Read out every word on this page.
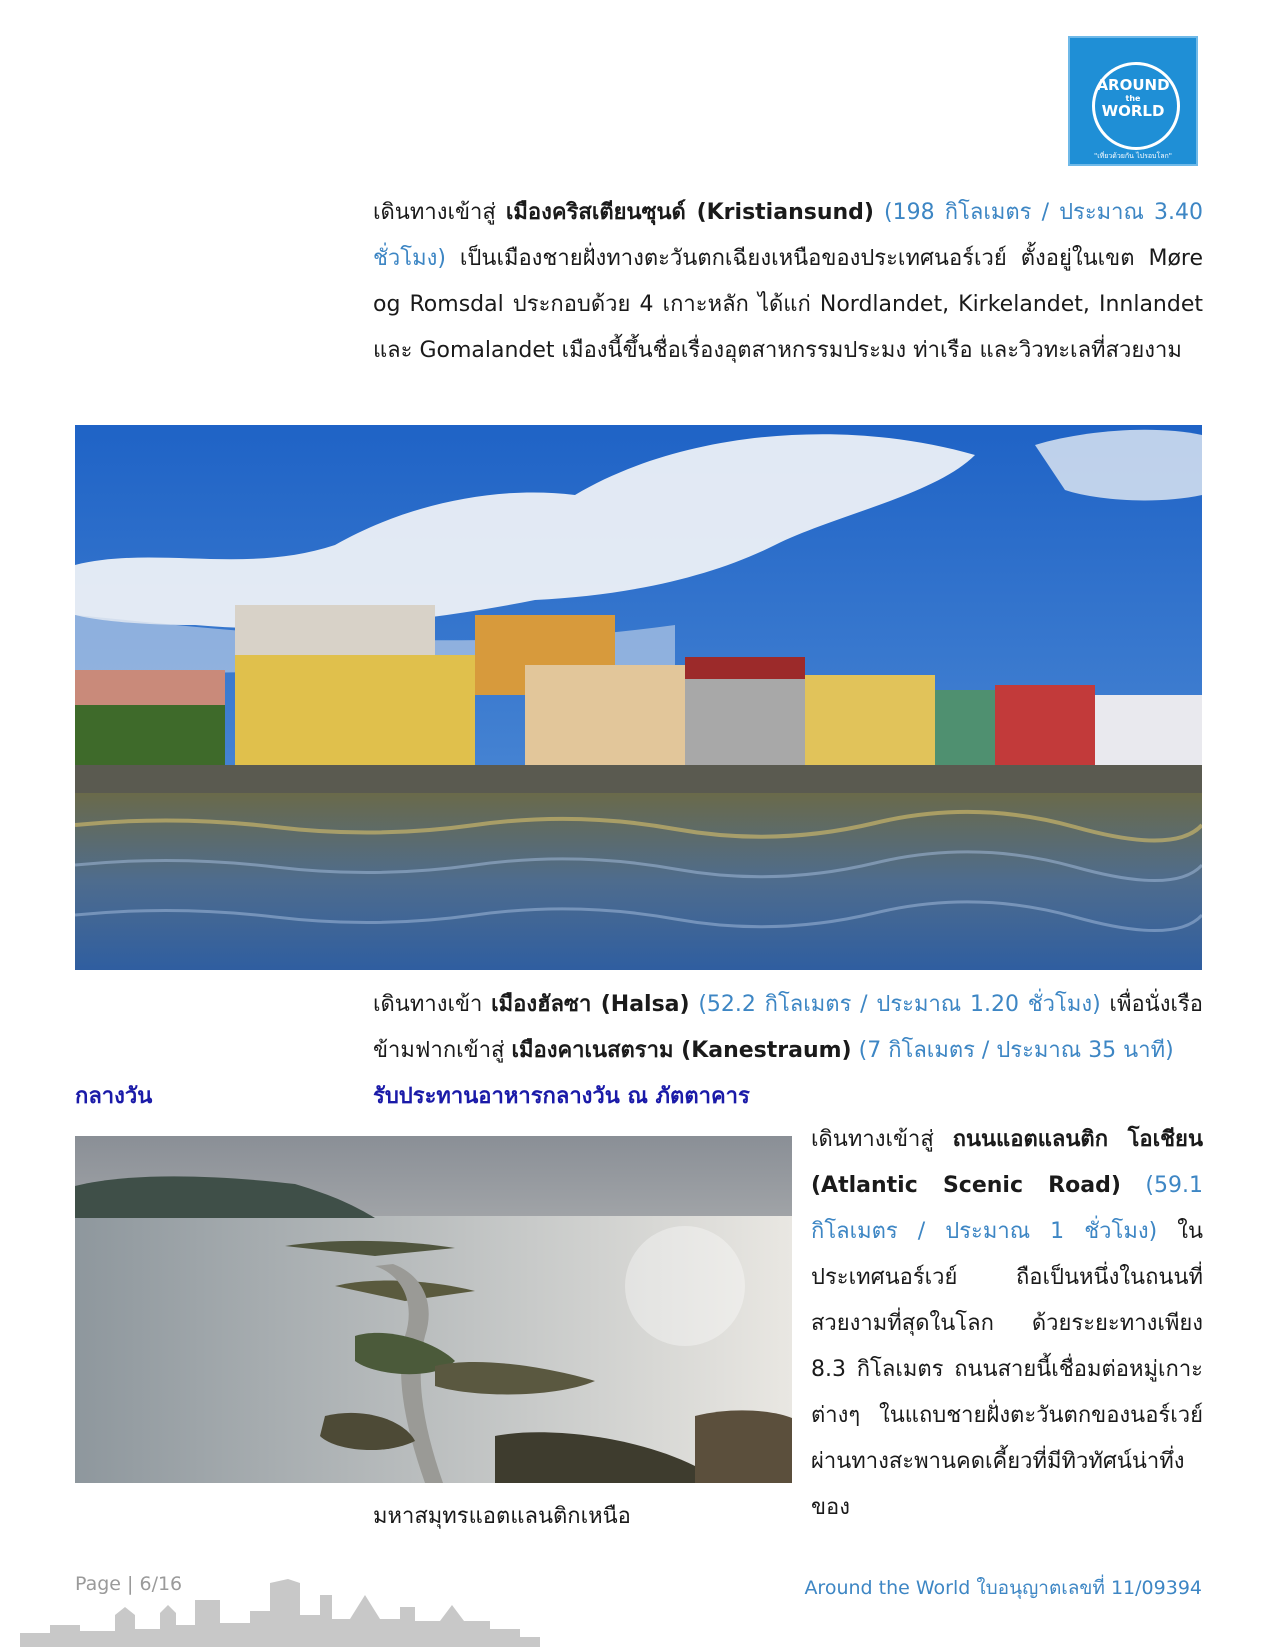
AROUND
the
WORLD
"เที่ยวด้วยกัน ไปรอบโลก"
เดินทางเข้าสู่ เมืองคริสเตียนซุนด์ (Kristiansund) (198 กิโลเมตร / ประมาณ 3.40 ชั่วโมง) เป็นเมืองชายฝั่งทางตะวันตกเฉียงเหนือของประเทศนอร์เวย์ ตั้งอยู่ในเขต Møre og Romsdal ประกอบด้วย 4 เกาะหลัก ได้แก่ Nordlandet, Kirkelandet, Innlandet และ Gomalandet เมืองนี้ขึ้นชื่อเรื่องอุตสาหกรรมประมง ท่าเรือ และวิวทะเลที่สวยงาม
เดินทางเข้า เมืองฮัลซา (Halsa) (52.2 กิโลเมตร / ประมาณ 1.20 ชั่วโมง) เพื่อนั่งเรือข้ามฟากเข้าสู่ เมืองคาเนสตราม (Kanestraum) (7 กิโลเมตร / ประมาณ 35 นาที)
กลางวัน	รับประทานอาหารกลางวัน ณ ภัตตาคาร
เดินทางเข้าสู่ ถนนแอตแลนติก โอเชียน (Atlantic Scenic Road) (59.1 กิโลเมตร / ประมาณ 1 ชั่วโมง) ในประเทศนอร์เวย์ ถือเป็นหนึ่งในถนนที่สวยงามที่สุดในโลก ด้วยระยะทางเพียง 8.3 กิโลเมตร ถนนสายนี้เชื่อมต่อหมู่เกาะต่างๆ ในแถบชายฝั่งตะวันตกของนอร์เวย์ ผ่านทางสะพานคดเคี้ยวที่มีทิวทัศน์น่าทึ่งของ
มหาสมุทรแอตแลนติกเหนือ
Page | 6/16	Around the World ใบอนุญาตเลขที่ 11/09394
